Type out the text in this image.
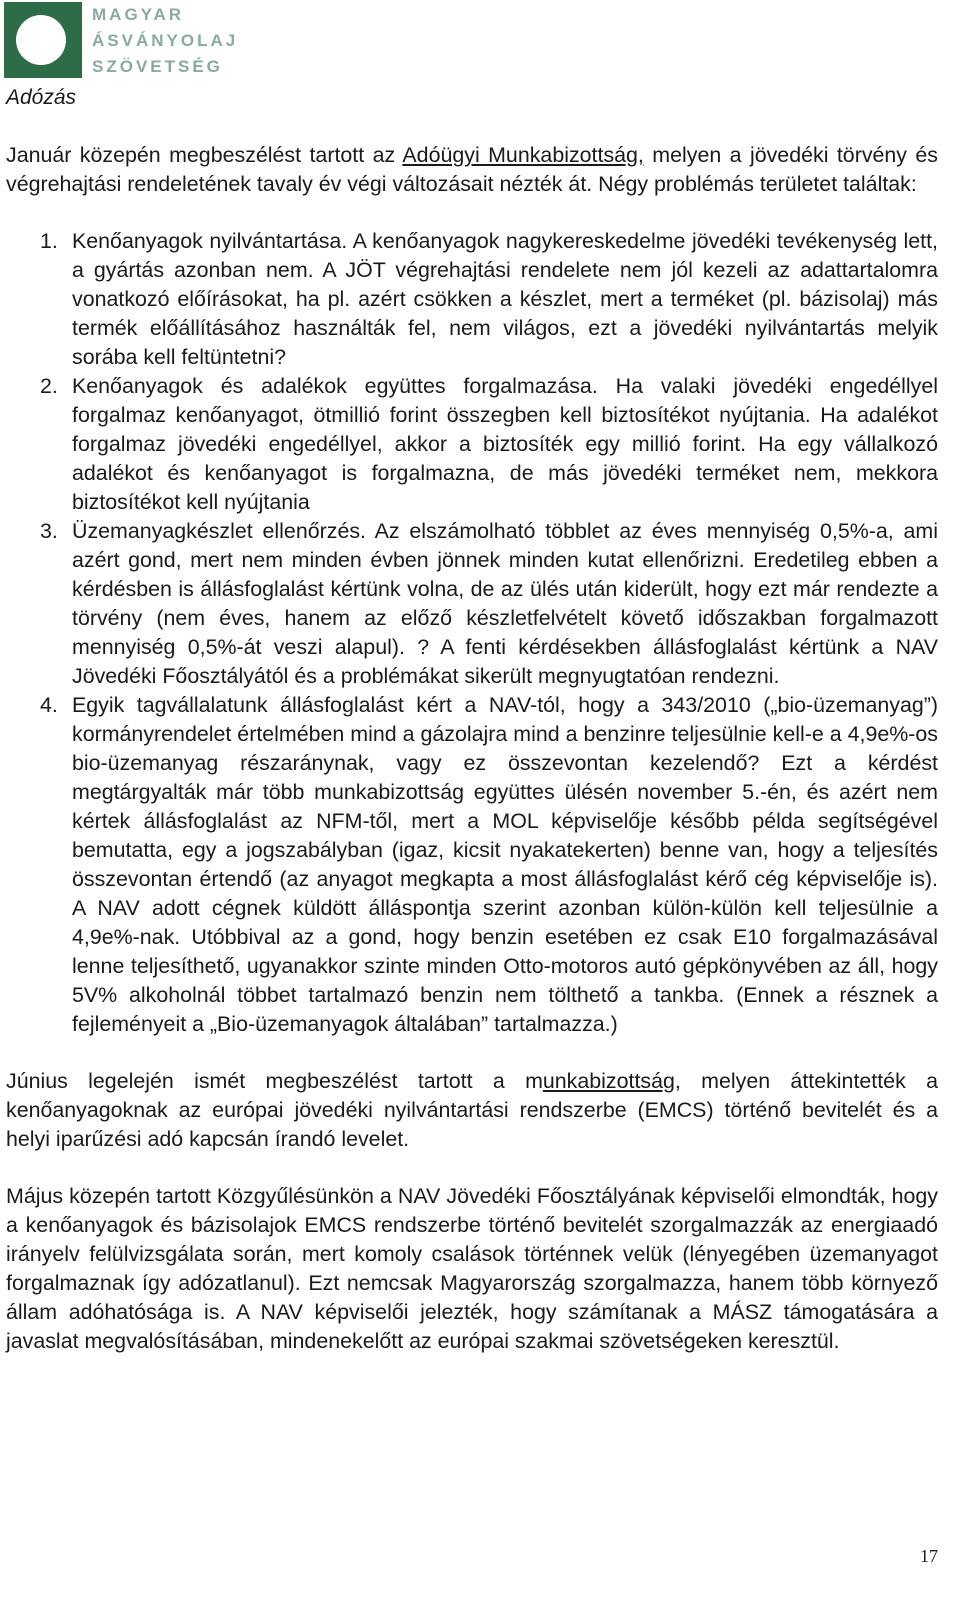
MAGYAR
ÁSVÁNYOLAJ
SZÖVETSÉG
Adózás

Január közepén megbeszélést tartott az Adóügyi Munkabizottság, melyen a jövedéki törvény és végrehajtási rendeletének tavaly év végi változásait nézték át. Négy problémás területet találtak:

1. Kenőanyagok nyilvántartása. A kenőanyagok nagykereskedelme jövedéki tevékenység lett, a gyártás azonban nem. A JÖT végrehajtási rendelete nem jól kezeli az adattartalomra vonatkozó előírásokat, ha pl. azért csökken a készlet, mert a terméket (pl. bázisolaj) más termék előállításához használták fel, nem világos, ezt a jövedéki nyilvántartás melyik sorába kell feltüntetni?
2. Kenőanyagok és adalékok együttes forgalmazása. Ha valaki jövedéki engedéllyel forgalmaz kenőanyagot, ötmillió forint összegben kell biztosítékot nyújtania. Ha adalékot forgalmaz jövedéki engedéllyel, akkor a biztosíték egy millió forint. Ha egy vállalkozó adalékot és kenőanyagot is forgalmazna, de más jövedéki terméket nem, mekkora biztosítékot kell nyújtania
3. Üzemanyagkészlet ellenőrzés. Az elszámolható többlet az éves mennyiség 0,5%-a, ami azért gond, mert nem minden évben jönnek minden kutat ellenőrizni. Eredetileg ebben a kérdésben is állásfoglalást kértünk volna, de az ülés után kiderült, hogy ezt már rendezte a törvény (nem éves, hanem az előző készletfelvételt követő időszakban forgalmazott mennyiség 0,5%-át veszi alapul). ? A fenti kérdésekben állásfoglalást kértünk a NAV Jövedéki Főosztályától és a problémákat sikerült megnyugtatóan rendezni.
4. Egyik tagvállalatunk állásfoglalást kért a NAV-tól, hogy a 343/2010 („bio-üzemanyag”) kormányrendelet értelmében mind a gázolajra mind a benzinre teljesülnie kell-e a 4,9e%-os bio-üzemanyag részaránynak, vagy ez összevontan kezelendő? Ezt a kérdést megtárgyalták már több munkabizottság együttes ülésén november 5.-én, és azért nem kértek állásfoglalást az NFM-től, mert a MOL képviselője később példa segítségével bemutatta, egy a jogszabályban (igaz, kicsit nyakatekerten) benne van, hogy a teljesítés összevontan értendő (az anyagot megkapta a most állásfoglalást kérő cég képviselője is). A NAV adott cégnek küldött álláspontja szerint azonban külön-külön kell teljesülnie a 4,9e%-nak. Utóbbival az a gond, hogy benzin esetében ez csak E10 forgalmazásával lenne teljesíthető, ugyanakkor szinte minden Otto-motoros autó gépkönyvében az áll, hogy 5V% alkoholnál többet tartalmazó benzin nem tölthető a tankba. (Ennek a résznek a fejleményeit a „Bio-üzemanyagok általában” tartalmazza.)

Június legelején ismét megbeszélést tartott a munkabizottság, melyen áttekintették a kenőanyagoknak az európai jövedéki nyilvántartási rendszerbe (EMCS) történő bevitelét és a helyi iparűzési adó kapcsán írandó levelet.

Május közepén tartott Közgyűlésünkön a NAV Jövedéki Főosztályának képviselői elmondták, hogy a kenőanyagok és bázisolajok EMCS rendszerbe történő bevitelét szorgalmazzák az energiaadó irányelv felülvizsgálata során, mert komoly csalások történnek velük (lényegében üzemanyagot forgalmaznak így adózatlanul). Ezt nemcsak Magyarország szorgalmazza, hanem több környező állam adóhatósága is. A NAV képviselői jelezték, hogy számítanak a MÁSZ támogatására a javaslat megvalósításában, mindenekelőtt az európai szakmai szövetségeken keresztül.

17
